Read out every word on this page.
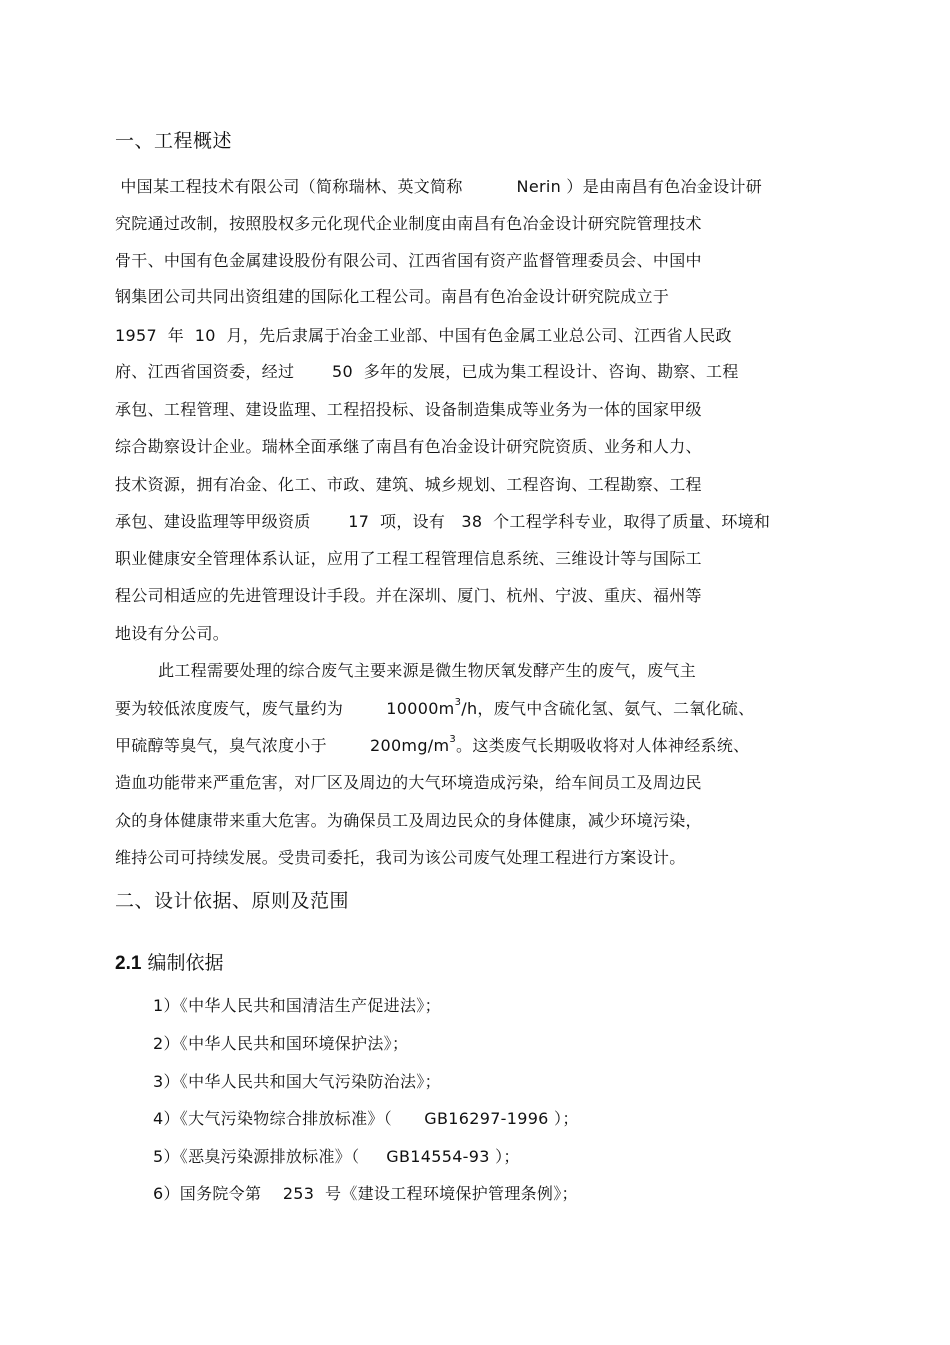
一、工程概述
中国某工程技术有限公司（简称瑞林、英文简称          Nerin ）是由南昌有色冶金设计研
究院通过改制，按照股权多元化现代企业制度由南昌有色冶金设计研究院管理技术
骨干、中国有色金属建设股份有限公司、江西省国有资产监督管理委员会、中国中
钢集团公司共同出资组建的国际化工程公司。南昌有色冶金设计研究院成立于
1957  年  10  月，先后隶属于冶金工业部、中国有色金属工业总公司、江西省人民政
府、江西省国资委，经过       50  多年的发展，已成为集工程设计、咨询、勘察、工程
承包、工程管理、建设监理、工程招投标、设备制造集成等业务为一体的国家甲级
综合勘察设计企业。瑞林全面承继了南昌有色冶金设计研究院资质、业务和人力、
技术资源，拥有冶金、化工、市政、建筑、城乡规划、工程咨询、工程勘察、工程
承包、建设监理等甲级资质       17  项，设有   38  个工程学科专业，取得了质量、环境和
职业健康安全管理体系认证，应用了工程工程管理信息系统、三维设计等与国际工
程公司相适应的先进管理设计手段。并在深圳、厦门、杭州、宁波、重庆、福州等
地设有分公司。
此工程需要处理的综合废气主要来源是微生物厌氧发酵产生的废气，废气主
要为较低浓度废气，废气量约为        $10000m^3/h$，废气中含硫化氢、氨气、二氧化硫、
甲硫醇等臭气，臭气浓度小于        $200mg/m^3$。这类废气长期吸收将对人体神经系统、
造血功能带来严重危害，对厂区及周边的大气环境造成污染，给车间员工及周边民
众的身体健康带来重大危害。为确保员工及周边民众的身体健康，减少环境污染，
维持公司可持续发展。受贵司委托，我司为该公司废气处理工程进行方案设计。
二、设计依据、原则及范围
2.1 编制依据
1）《中华人民共和国清洁生产促进法》；
2）《中华人民共和国环境保护法》；
3）《中华人民共和国大气污染防治法》；
4）《大气污染物综合排放标准》（      GB16297-1996 ）；
5）《恶臭污染源排放标准》（     GB14554-93 ）；
6）国务院令第    253  号《建设工程环境保护管理条例》；
